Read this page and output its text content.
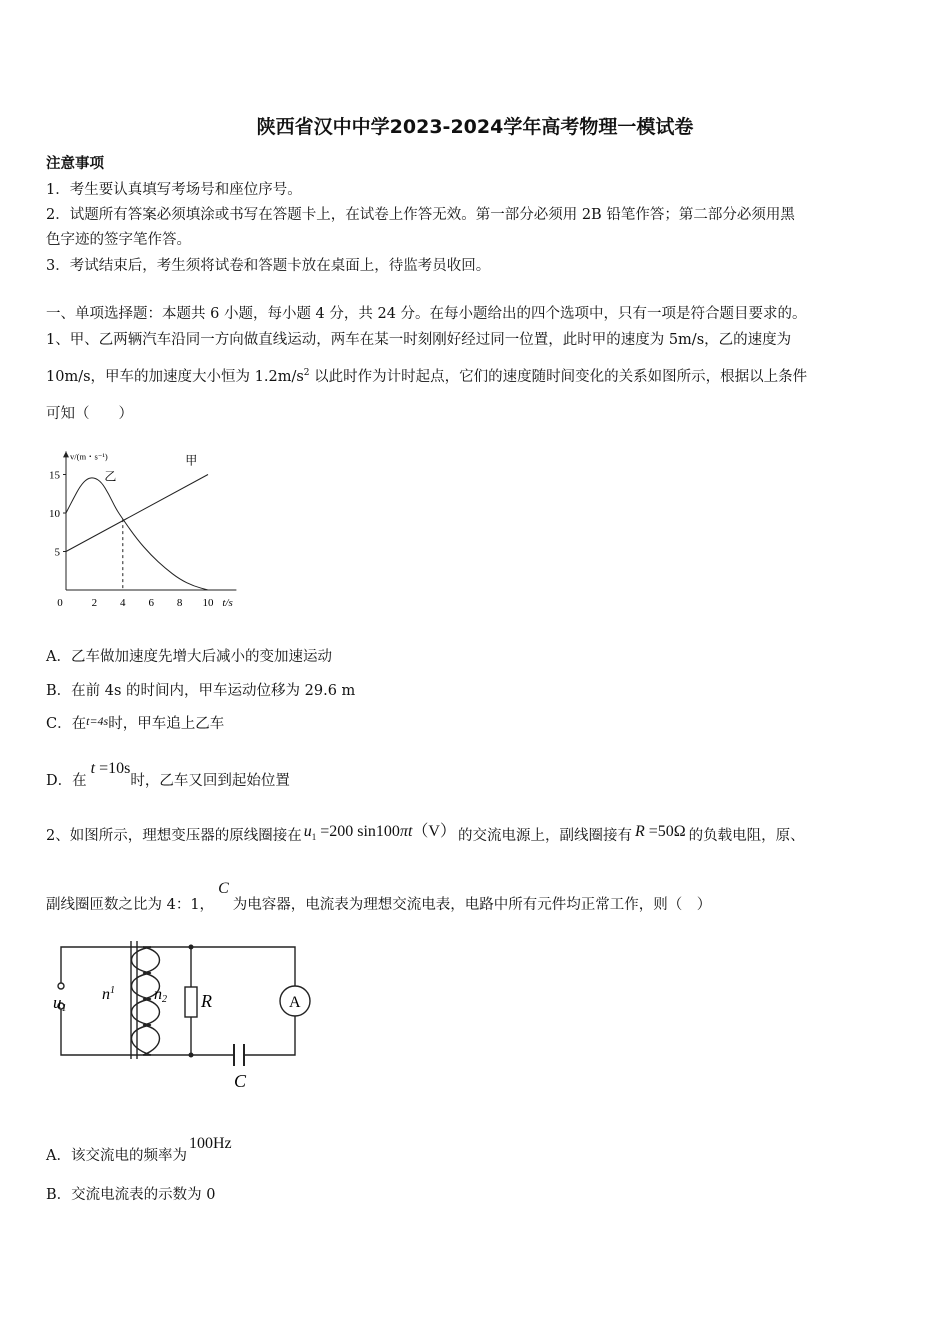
陕西省汉中中学2023-2024学年高考物理一模试卷
注意事项
1．考生要认真填写考场号和座位序号。
2．试题所有答案必须填涂或书写在答题卡上，在试卷上作答无效。第一部分必须用 2B 铅笔作答；第二部分必须用黑
色字迹的签字笔作答。
3．考试结束后，考生须将试卷和答题卡放在桌面上，待监考员收回。
一、单项选择题：本题共 6 小题，每小题 4 分，共 24 分。在每小题给出的四个选项中，只有一项是符合题目要求的。
1、甲、乙两辆汽车沿同一方向做直线运动，两车在某一时刻刚好经过同一位置，此时甲的速度为 5m/s，乙的速度为
10m/s，甲车的加速度大小恒为 $1.2m/s^2$ 以此时作为计时起点，它们的速度随时间变化的关系如图所示，根据以上条件
可知（　　）
0	2 4 6 8 10
5
10
15
v/(m・s⁻¹)
t/s
甲
乙
A．乙车做加速度先增大后减小的变加速运动
B．在前 4s 的时间内，甲车运动位移为 29.6 m
C．在$^{t=4s}$时，甲车追上乙车
D．在t =10s时，乙车又回到起始位置
2、如图所示，理想变压器的原线圈接在 $u_1 =200$ sin100πt（V） 的交流电源上，副线圈接有 R =50Ω 的负载电阻，原、
副线圈匝数之比为 4：1，C为电容器，电流表为理想交流电表，电路中所有元件均正常工作，则（　）
u1
$n^1$ n2 R	A
C
A．该交流电的频率为100Hz
B．交流电流表的示数为 0
